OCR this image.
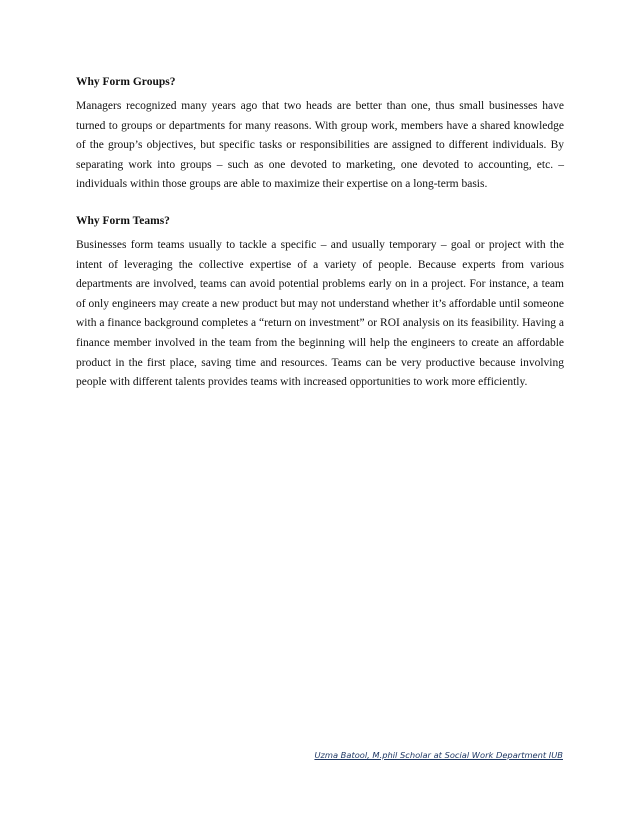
Why Form Groups?

Managers recognized many years ago that two heads are better than one, thus small businesses have turned to groups or departments for many reasons. With group work, members have a shared knowledge of the group’s objectives, but specific tasks or responsibilities are assigned to different individuals. By separating work into groups – such as one devoted to marketing, one devoted to accounting, etc. – individuals within those groups are able to maximize their expertise on a long-term basis.

Why Form Teams?

Businesses form teams usually to tackle a specific – and usually temporary – goal or project with the intent of leveraging the collective expertise of a variety of people. Because experts from various departments are involved, teams can avoid potential problems early on in a project. For instance, a team of only engineers may create a new product but may not understand whether it’s affordable until someone with a finance background completes a “return on investment” or ROI analysis on its feasibility. Having a finance member involved in the team from the beginning will help the engineers to create an affordable product in the first place, saving time and resources. Teams can be very productive because involving people with different talents provides teams with increased opportunities to work more efficiently.

Uzma Batool, M.phil Scholar at Social Work Department IUB
